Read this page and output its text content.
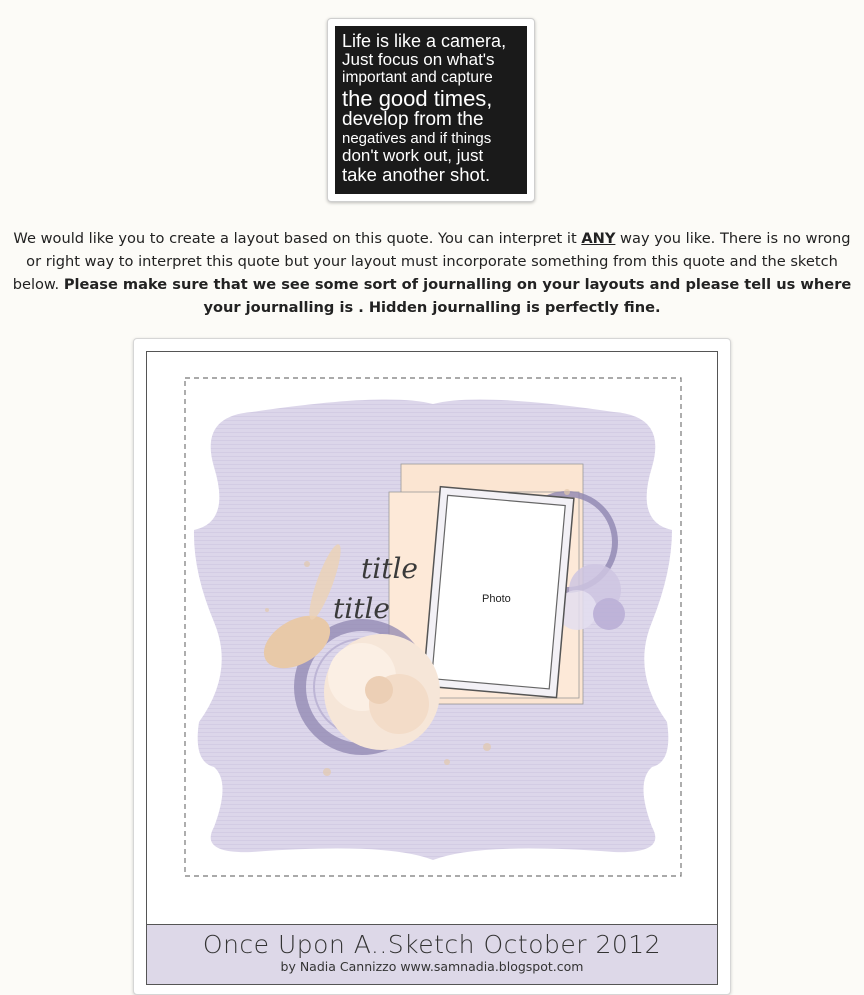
Life is like a camera,
Just focus on what's
important and capture
the good times,
develop from the
negatives and if things
don't work out, just
take another shot.
We would like you to create a layout based on this quote. You can interpret it ANY way you like. There is no wrong or right way to interpret this quote but your layout must incorporate something from this quote and the sketch below. Please make sure that we see some sort of journalling on your layouts and please tell us where your journalling is . Hidden journalling is perfectly fine.
title
title	Photo
Once Upon A..Sketch October 2012
by Nadia Cannizzo www.samnadia.blogspot.com
